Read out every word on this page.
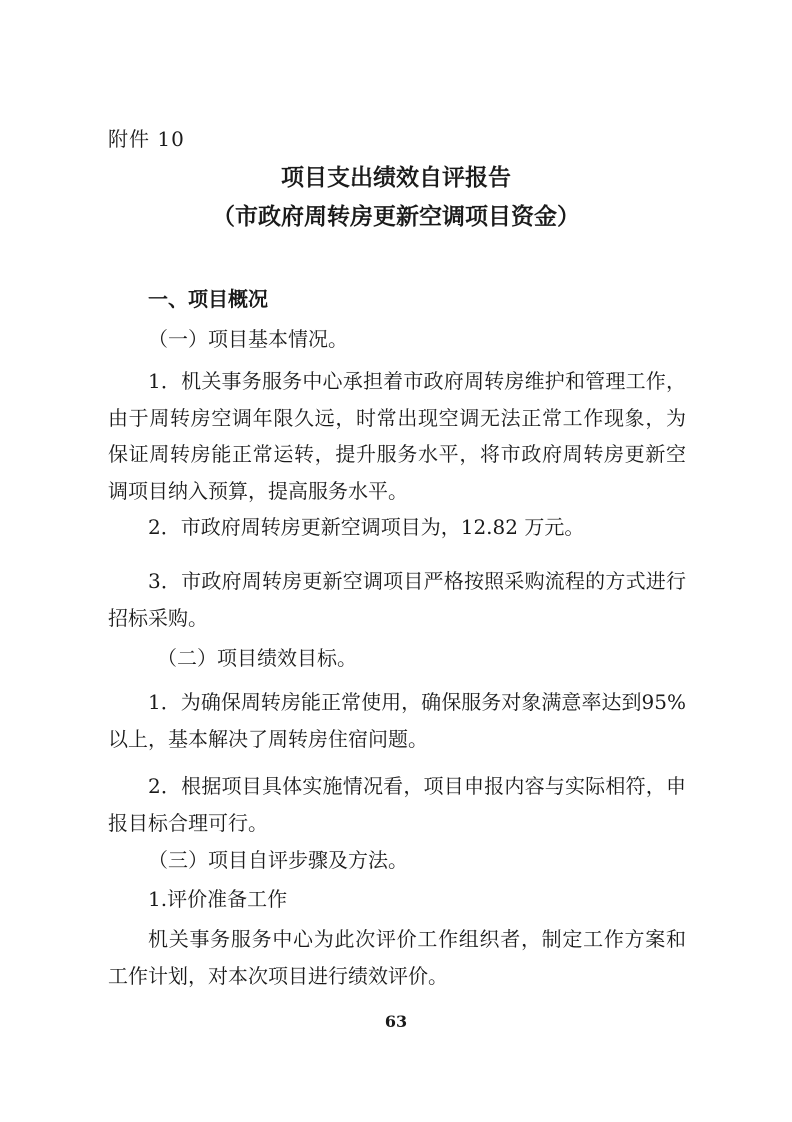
附件 10
项目支出绩效自评报告
（市政府周转房更新空调项目资金）
一、项目概况
（一）项目基本情况。
1．机关事务服务中心承担着市政府周转房维护和管理工作，由于周转房空调年限久远，时常出现空调无法正常工作现象，为保证周转房能正常运转，提升服务水平，将市政府周转房更新空调项目纳入预算，提高服务水平。
2．市政府周转房更新空调项目为，12.82 万元。
3．市政府周转房更新空调项目严格按照采购流程的方式进行招标采购。
（二）项目绩效目标。
1．为确保周转房能正常使用，确保服务对象满意率达到95%以上，基本解决了周转房住宿问题。
2．根据项目具体实施情况看，项目申报内容与实际相符，申报目标合理可行。
（三）项目自评步骤及方法。
1.评价准备工作
机关事务服务中心为此次评价工作组织者，制定工作方案和工作计划，对本次项目进行绩效评价。
63
